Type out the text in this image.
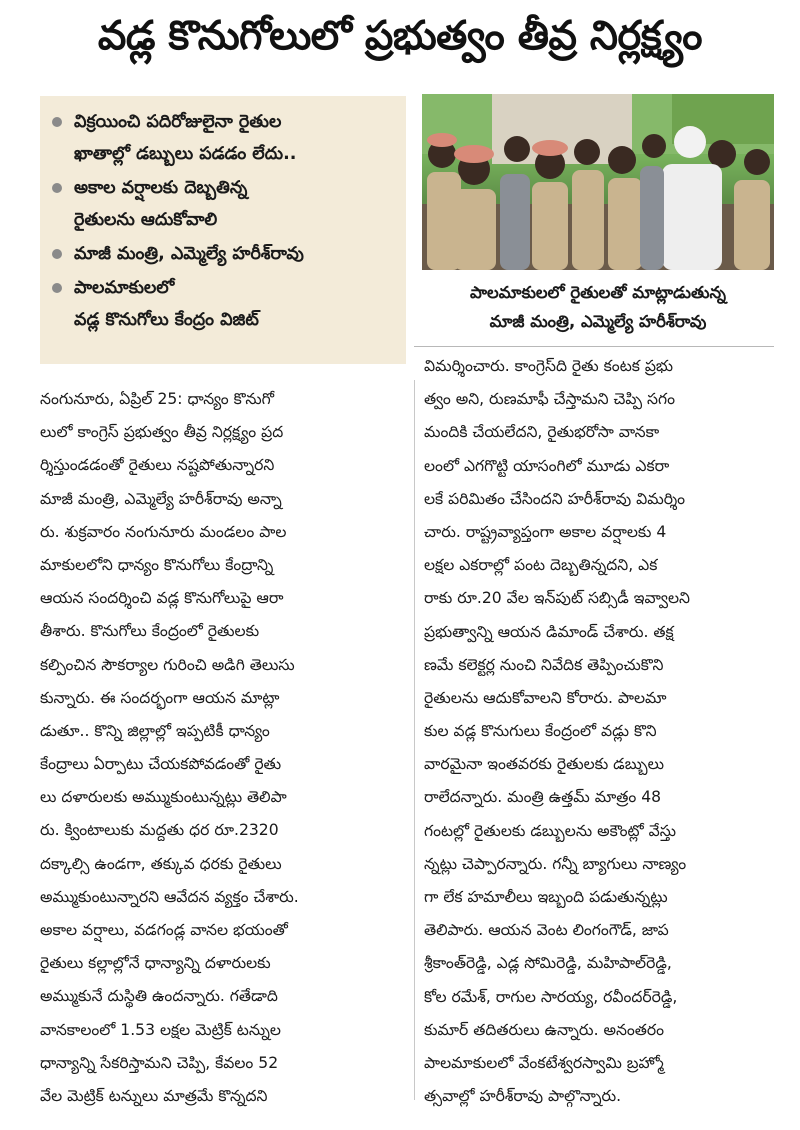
వడ్ల కొనుగోలులో ప్రభుత్వం తీవ్ర నిర్లక్ష్యం
విక్రయించి పదిరోజులైనా రైతుల
ఖాతాల్లో డబ్బులు పడడం లేదు..
అకాల వర్షాలకు దెబ్బతిన్న
రైతులను ఆదుకోవాలి
మాజీ మంత్రి, ఎమ్మెల్యే హరీశ్‌రావు
పాలమాకులలో
వడ్ల కొనుగోలు కేంద్రం విజిట్
పాలమాకులలో రైతులతో మాట్లాడుతున్న
మాజీ మంత్రి, ఎమ్మెల్యే హరీశ్‌రావు
నంగునూరు, ఏప్రిల్ 25: ధాన్యం కొనుగో
లులో కాంగ్రెస్ ప్రభుత్వం తీవ్ర నిర్లక్ష్యం ప్రద
ర్శిస్తుండడంతో రైతులు నష్టపోతున్నారని
మాజీ మంత్రి, ఎమ్మెల్యే హరీశ్‌రావు అన్నా
రు. శుక్రవారం నంగునూరు మండలం పాల
మాకులలోని ధాన్యం కొనుగోలు కేంద్రాన్ని
ఆయన సందర్శించి వడ్ల కొనుగోలుపై ఆరా
తీశారు. కొనుగోలు కేంద్రంలో రైతులకు
కల్పించిన సౌకర్యాల గురించి అడిగి తెలుసు
కున్నారు. ఈ సందర్భంగా ఆయన మాట్లా
డుతూ.. కొన్ని జిల్లాల్లో ఇప్పటికీ ధాన్యం
కేంద్రాలు ఏర్పాటు చేయకపోవడంతో రైతు
లు దళారులకు అమ్ముకుంటున్నట్లు తెలిపా
రు. క్వింటాలుకు మద్దతు ధర రూ.2320
దక్కాల్సి ఉండగా, తక్కువ ధరకు రైతులు
అమ్ముకుంటున్నారని ఆవేదన వ్యక్తం చేశారు.
అకాల వర్షాలు, వడగండ్ల వానల భయంతో
రైతులు కల్లాల్లోనే ధాన్యాన్ని దళారులకు
అమ్ముకునే దుస్థితి ఉందన్నారు. గతేడాది
వానకాలంలో 1.53 లక్షల మెట్రిక్ టన్నుల
ధాన్యాన్ని సేకరిస్తామని చెప్పి, కేవలం 52
వేల మెట్రిక్ టన్నులు మాత్రమే కొన్నదని
విమర్శించారు. కాంగ్రెస్‌ది రైతు కంటక ప్రభు
త్వం అని, రుణమాఫీ చేస్తామని చెప్పి సగం
మందికి చేయలేదని, రైతుభరోసా వానకా
లంలో ఎగగొట్టి యాసంగిలో మూడు ఎకరా
లకే పరిమితం చేసిందని హరీశ్‌రావు విమర్శిం
చారు. రాష్ట్రవ్యాప్తంగా అకాల వర్షాలకు 4
లక్షల ఎకరాల్లో పంట దెబ్బతిన్నదని, ఎక
రాకు రూ.20 వేల ఇన్‌పుట్ సబ్సిడీ ఇవ్వాలని
ప్రభుత్వాన్ని ఆయన డిమాండ్ చేశారు. తక్ష
ణమే కలెక్టర్ల నుంచి నివేదిక తెప్పించుకొని
రైతులను ఆదుకోవాలని కోరారు. పాలమా
కుల వడ్ల కొనుగులు కేంద్రంలో వడ్లు కొని
వారమైనా ఇంతవరకు రైతులకు డబ్బులు
రాలేదన్నారు. మంత్రి ఉత్తమ్ మాత్రం 48
గంటల్లో రైతులకు డబ్బులను అకౌంట్లో వేస్తు
న్నట్లు చెప్పారన్నారు. గన్నీ బ్యాగులు నాణ్యం
గా లేక హమాలీలు ఇబ్బంది పడుతున్నట్లు
తెలిపారు. ఆయన వెంట లింగంగౌడ్, జాప
శ్రీకాంత్‌రెడ్డి, ఎడ్ల సోమిరెడ్డి, మహిపాల్‌రెడ్డి,
కోల రమేశ్, రాగుల సారయ్య, రవీందర్‌రెడ్డి,
కుమార్ తదితరులు ఉన్నారు. అనంతరం
పాలమాకులలో వేంకటేశ్వరస్వామి బ్రహ్మో
త్సవాల్లో హరీశ్‌రావు పాల్గొన్నారు.
